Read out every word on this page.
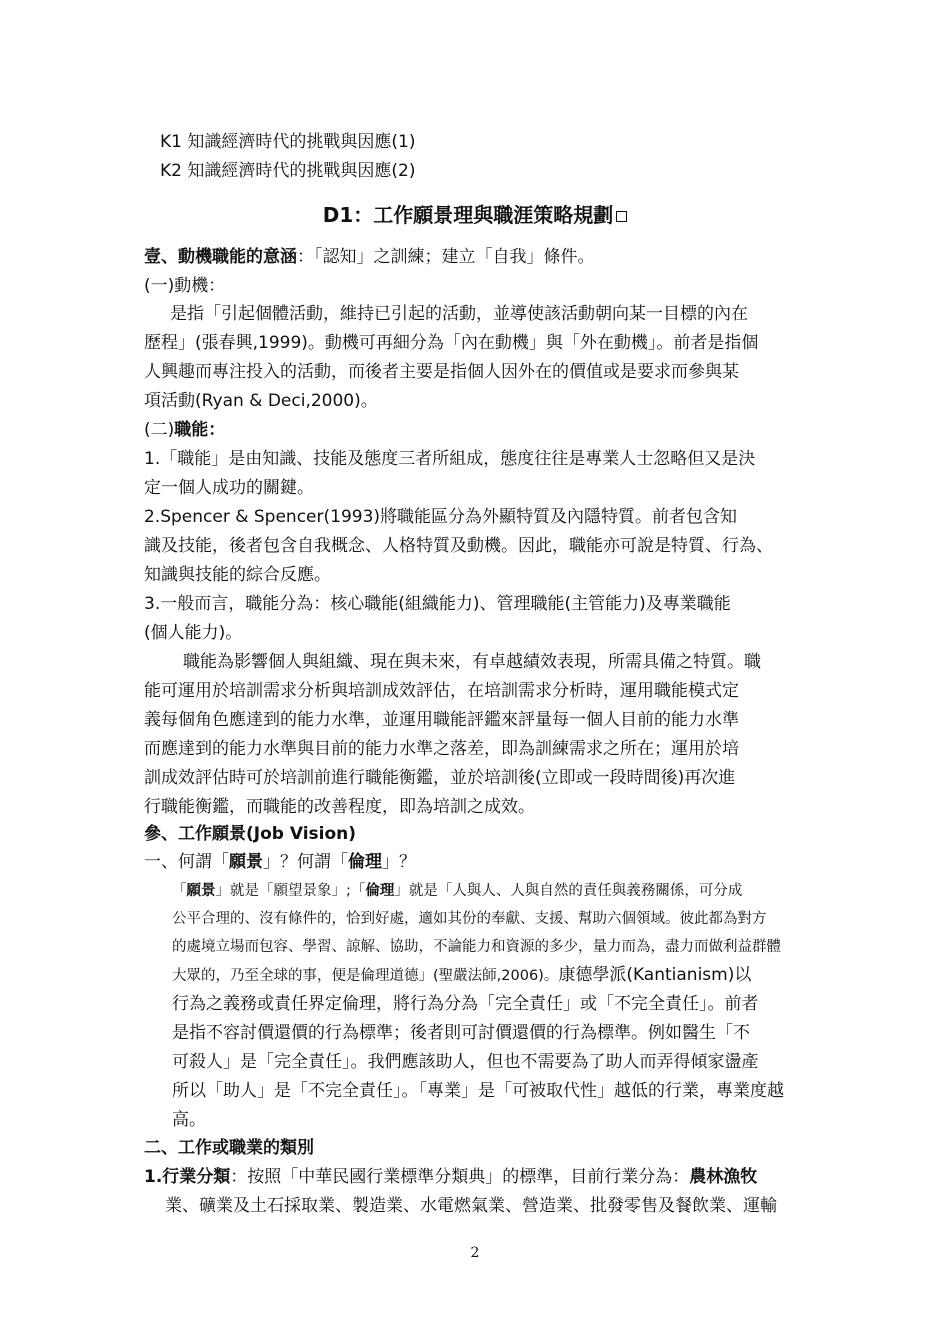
K1 知識經濟時代的挑戰與因應(1)
K2 知識經濟時代的挑戰與因應(2)
D1：工作願景理與職涯策略規劃
壹、動機職能的意涵：「認知」之訓練；建立「自我」條件。
(一)動機：
是指「引起個體活動，維持已引起的活動，並導使該活動朝向某一目標的內在
歷程」(張春興,1999)。動機可再細分為「內在動機」與「外在動機」。前者是指個
人興趣而專注投入的活動，而後者主要是指個人因外在的價值或是要求而參與某
項活動(Ryan & Deci,2000)。
(二)職能：
1.「職能」是由知識、技能及態度三者所組成，態度往往是專業人士忽略但又是決
定一個人成功的關鍵。
2.Spencer & Spencer(1993)將職能區分為外顯特質及內隱特質。前者包含知
識及技能，後者包含自我概念、人格特質及動機。因此，職能亦可說是特質、行為、
知識與技能的綜合反應。
3.一般而言，職能分為：核心職能(組織能力)、管理職能(主管能力)及專業職能
(個人能力)。
職能為影響個人與組織、現在與未來，有卓越績效表現，所需具備之特質。職
能可運用於培訓需求分析與培訓成效評估，在培訓需求分析時，運用職能模式定
義每個角色應達到的能力水準，並運用職能評鑑來評量每一個人目前的能力水準
而應達到的能力水準與目前的能力水準之落差，即為訓練需求之所在；運用於培
訓成效評估時可於培訓前進行職能衡鑑，並於培訓後(立即或一段時間後)再次進
行職能衡鑑，而職能的改善程度，即為培訓之成效。
參、工作願景(Job Vision)
一、何謂「願景」？何謂「倫理」？
「願景」就是「願望景象」;「倫理」就是「人與人、人與自然的責任與義務關係，可分成
公平合理的、沒有條件的，恰到好處，適如其份的奉獻、支援、幫助六個領域。彼此都為對方
的處境立場而包容、學習、諒解、協助，不論能力和資源的多少，量力而為，盡力而做利益群體
大眾的，乃至全球的事，便是倫理道德」(聖嚴法師,2006)。康德學派(Kantianism)以
行為之義務或責任界定倫理，將行為分為「完全責任」或「不完全責任」。前者
是指不容討價還價的行為標準；後者則可討價還價的行為標準。例如醫生「不
可殺人」是「完全責任」。我們應該助人，但也不需要為了助人而弄得傾家盪產
所以「助人」是「不完全責任」。「專業」是「可被取代性」越低的行業，專業度越
高。
二、工作或職業的類別
1.行業分類：按照「中華民國行業標準分類典」的標準，目前行業分為：農林漁牧
業、礦業及土石採取業、製造業、水電燃氣業、營造業、批發零售及餐飲業、運輸
2
